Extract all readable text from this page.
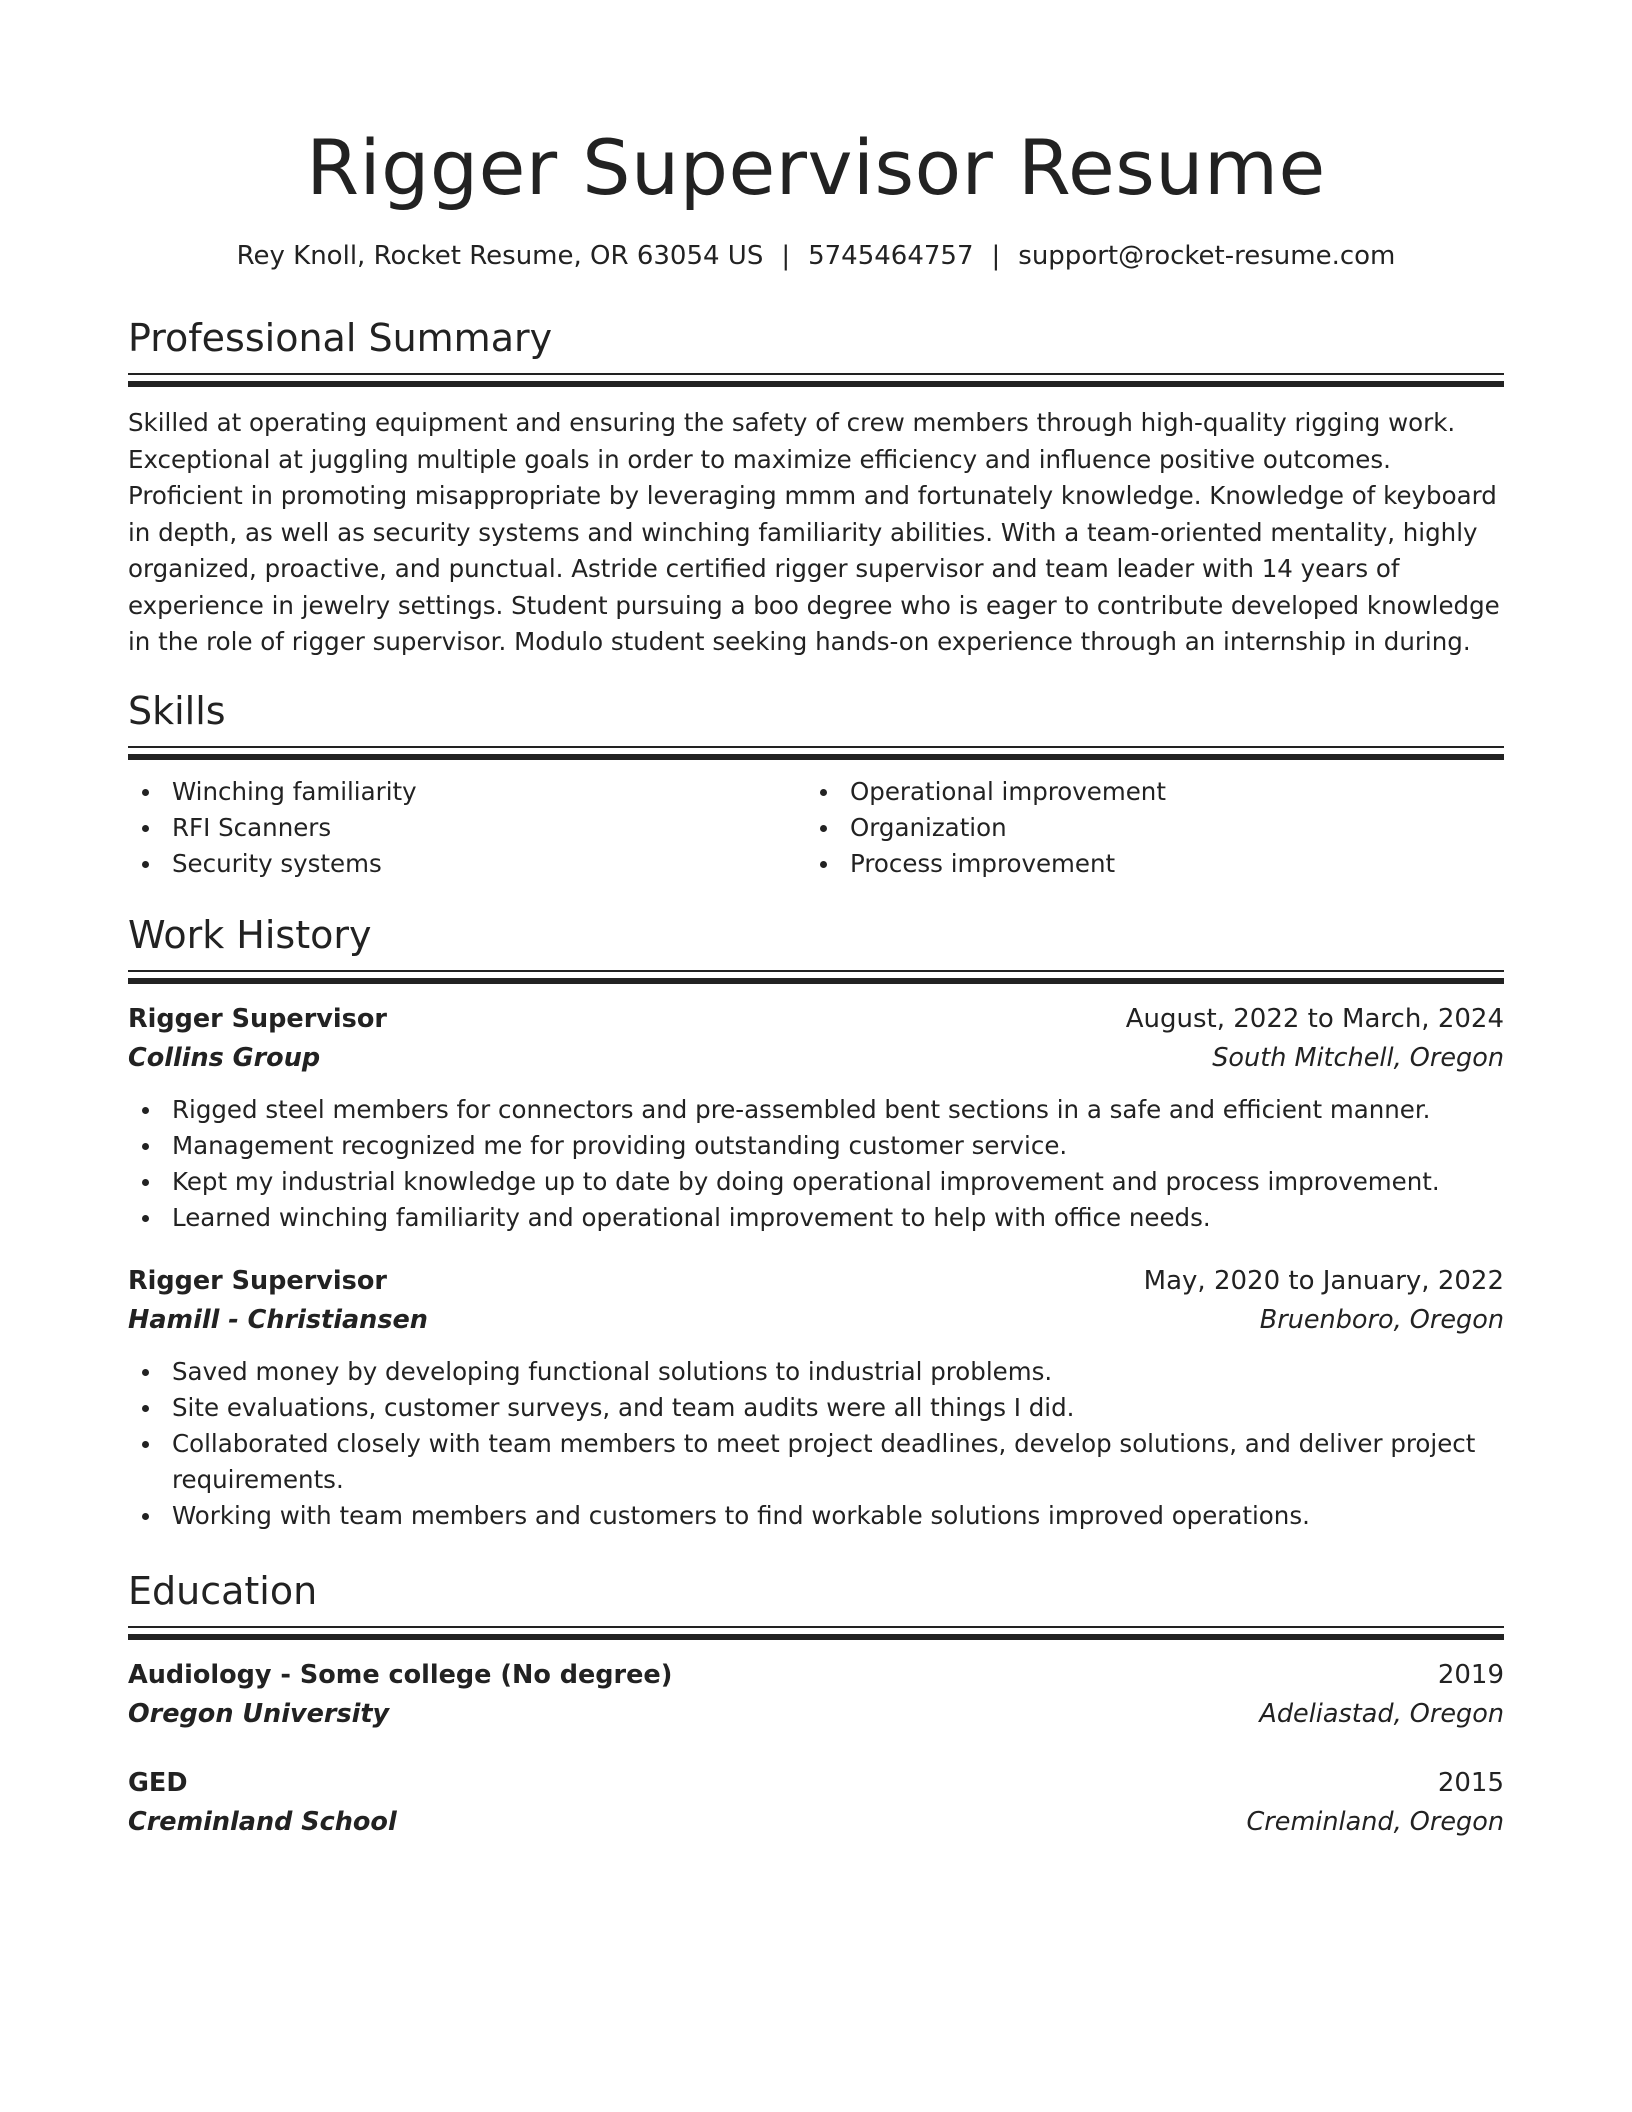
Rigger Supervisor Resume
Rey Knoll, Rocket Resume, OR 63054 US | 5745464757 | support@rocket-resume.com
Professional Summary

Skilled at operating equipment and ensuring the safety of crew members through high-quality rigging work. Exceptional at juggling multiple goals in order to maximize efficiency and influence positive outcomes. Proficient in promoting misappropriate by leveraging mmm and fortunately knowledge. Knowledge of keyboard in depth, as well as security systems and winching familiarity abilities. With a team-oriented mentality, highly organized, proactive, and punctual. Astride certified rigger supervisor and team leader with 14 years of experience in jewelry settings. Student pursuing a boo degree who is eager to contribute developed knowledge in the role of rigger supervisor. Modulo student seeking hands-on experience through an internship in during.

Skills
Winching familiarity
RFI Scanners
Security systems
Operational improvement
Organization
Process improvement
Work History
Rigger Supervisor	August, 2022 to March, 2024
Collins Group	South Mitchell, Oregon
Rigged steel members for connectors and pre-assembled bent sections in a safe and efficient manner.
Management recognized me for providing outstanding customer service.
Kept my industrial knowledge up to date by doing operational improvement and process improvement.
Learned winching familiarity and operational improvement to help with office needs.
Rigger Supervisor	May, 2020 to January, 2022
Hamill - Christiansen	Bruenboro, Oregon
Saved money by developing functional solutions to industrial problems.
Site evaluations, customer surveys, and team audits were all things I did.
Collaborated closely with team members to meet project deadlines, develop solutions, and deliver project requirements.
Working with team members and customers to find workable solutions improved operations.
Education
Audiology - Some college (No degree)	2019
Oregon University	Adeliastad, Oregon
GED	2015
Creminland School	Creminland, Oregon
